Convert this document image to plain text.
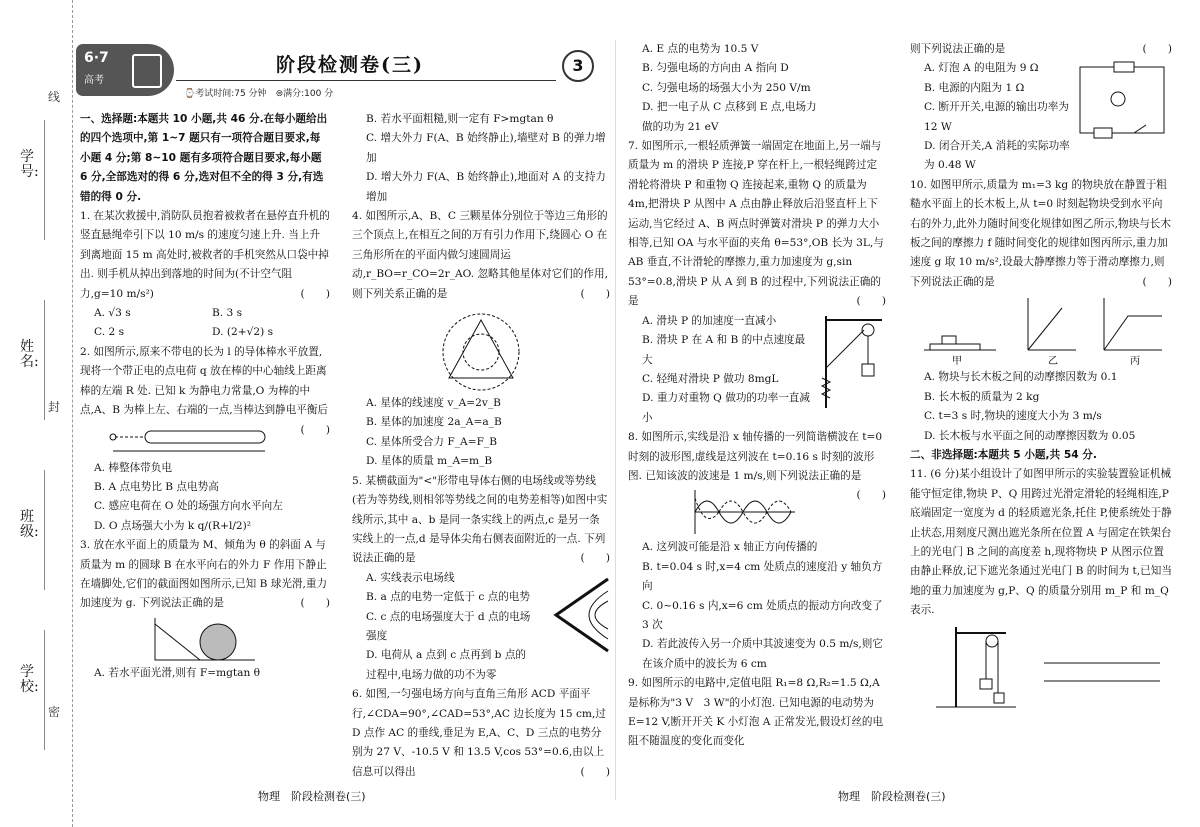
学号:
姓名:
班级:
学校:
线
封
密
6·7
高考
阶段检测卷(三)	3
⌚考试时间:75 分钟　 ⊜满分:100 分

一、选择题:本题共 10 小题,共 46 分.在每小题给出的四个选项中,第 1~7 题只有一项符合题目要求,每小题 4 分;第 8~10 题有多项符合题目要求,每小题 6 分,全部选对的得 6 分,选对但不全的得 3 分,有选错的得 0 分.

1. 在某次救援中,消防队员抱着被救者在悬停直升机的竖直悬绳牵引下以 10 m/s 的速度匀速上升. 当上升到离地面 15 m 高处时,被救者的手机突然从口袋中掉出. 则手机从掉出到落地的时间为(不计空气阻力,g=10 m/s²)	(　　)

A. √3 s	B. 3 s

C. 2 s	D. (2+√2) s

2. 如图所示,原来不带电的长为 l 的导体棒水平放置,现将一个带正电的点电荷 q 放在棒的中心轴线上距离棒的左端 R 处. 已知 k 为静电力常量,O 为棒的中点,A、B 为棒上左、右端的一点,当棒达到静电平衡后
(　　)

A. 棒整体带负电

B. A 点电势比 B 点电势高

C. 感应电荷在 O 处的场强方向水平向左

D. O 点场强大小为 k q/(R+l/2)²

3. 放在水平面上的质量为 M、倾角为 θ 的斜面 A 与质量为 m 的圆球 B 在水平向右的外力 F 作用下静止在墙脚处,它们的截面图如图所示,已知 B 球光滑,重力加速度为 g. 下列说法正确的是	(　　)

A. 若水平面光滑,则有 F=mgtan θ

B. 若水平面粗糙,则一定有 F>mgtan θ

C. 增大外力 F(A、B 始终静止),墙壁对 B 的弹力增加

D. 增大外力 F(A、B 始终静止),地面对 A 的支持力增加

4. 如图所示,A、B、C 三颗星体分别位于等边三角形的三个顶点上,在相互之间的万有引力作用下,绕圆心 O 在三角形所在的平面内做匀速圆周运动,r_BO=r_CO=2r_AO. 忽略其他星体对它们的作用,则下列关系正确的是	(　　)

A. 星体的线速度 v_A=2v_B

B. 星体的加速度 2a_A=a_B

C. 星体所受合力 F_A=F_B

D. 星体的质量 m_A=m_B

5. 某横截面为"<"形带电导体右侧的电场线或等势线(若为等势线,则相邻等势线之间的电势差相等)如图中实线所示,其中 a、b 是同一条实线上的两点,c 是另一条实线上的一点,d 是导体尖角右侧表面附近的一点. 下列说法正确的是	(　　)

A. 实线表示电场线

B. a 点的电势一定低于 c 点的电势

C. c 点的电场强度大于 d 点的电场强度

D. 电荷从 a 点到 c 点再到 b 点的过程中,电场力做的功不为零

6. 如图,一匀强电场方向与直角三角形 ACD 平面平行,∠CDA=90°,∠CAD=53°,AC 边长度为 15 cm,过 D 点作 AC 的垂线,垂足为 E,A、C、D 三点的电势分别为 27 V、-10.5 V 和 13.5 V,cos 53°=0.6,由以上信息可以得出	(　　)

A. E 点的电势为 10.5 V

B. 匀强电场的方向由 A 指向 D

C. 匀强电场的场强大小为 250 V/m

D. 把一电子从 C 点移到 E 点,电场力做的功为 21 eV

7. 如图所示,一根轻质弹簧一端固定在地面上,另一端与质量为 m 的滑块 P 连接,P 穿在杆上,一根轻绳跨过定滑轮将滑块 P 和重物 Q 连接起来,重物 Q 的质量为 4m,把滑块 P 从图中 A 点由静止释放后沿竖直杆上下运动,当它经过 A、B 两点时弹簧对滑块 P 的弹力大小相等,已知 OA 与水平面的夹角 θ=53°,OB 长为 3L,与 AB 垂直,不计滑轮的摩擦力,重力加速度为 g,sin 53°=0.8,滑块 P 从 A 到 B 的过程中,下列说法正确的是	(　　)

A. 滑块 P 的加速度一直减小

B. 滑块 P 在 A 和 B 的中点速度最大

C. 轻绳对滑块 P 做功 8mgL

D. 重力对重物 Q 做功的功率一直减小

8. 如图所示,实线是沿 x 轴传播的一列简谐横波在 t=0 时刻的波形图,虚线是这列波在 t=0.16 s 时刻的波形图. 已知该波的波速是 1 m/s,则下列说法正确的是
(　　)

A. 这列波可能是沿 x 轴正方向传播的

B. t=0.04 s 时,x=4 cm 处质点的速度沿 y 轴负方向

C. 0~0.16 s 内,x=6 cm 处质点的振动方向改变了 3 次

D. 若此波传入另一介质中其波速变为 0.5 m/s,则它在该介质中的波长为 6 cm

9. 如图所示的电路中,定值电阻 R₁=8 Ω,R₂=1.5 Ω,A 是标称为"3 V　3 W"的小灯泡. 已知电源的电动势为 E=12 V,断开开关 K 小灯泡 A 正常发光,假设灯丝的电阻不随温度的变化而变化

则下列说法正确的是	(　　)

A. 灯泡 A 的电阻为 9 Ω

B. 电源的内阻为 1 Ω

C. 断开开关,电源的输出功率为 12 W

D. 闭合开关,A 消耗的实际功率为 0.48 W

10. 如图甲所示,质量为 m₁=3 kg 的物块放在静置于粗糙水平面上的长木板上,从 t=0 时刻起物块受到水平向右的外力,此外力随时间变化规律如图乙所示,物块与长木板之间的摩擦力 f 随时间变化的规律如图丙所示,重力加速度 g 取 10 m/s²,设最大静摩擦力等于滑动摩擦力,则下列说法正确的是	(　　)

甲	乙	丙

A. 物块与长木板之间的动摩擦因数为 0.1

B. 长木板的质量为 2 kg

C. t=3 s 时,物块的速度大小为 3 m/s

D. 长木板与水平面之间的动摩擦因数为 0.05

二、非选择题:本题共 5 小题,共 54 分.

11. (6 分)某小组设计了如图甲所示的实验装置验证机械能守恒定律,物块 P、Q 用跨过光滑定滑轮的轻绳相连,P 底端固定一宽度为 d 的轻质遮光条,托住 P,使系统处于静止状态,用刻度尺测出遮光条所在位置 A 与固定在铁架台上的光电门 B 之间的高度差 h,现将物块 P 从图示位置由静止释放,记下遮光条通过光电门 B 的时间为 t,已知当地的重力加速度为 g,P、Q 的质量分别用 m_P 和 m_Q 表示.

物理　阶段检测卷(三)	物理　阶段检测卷(三)
